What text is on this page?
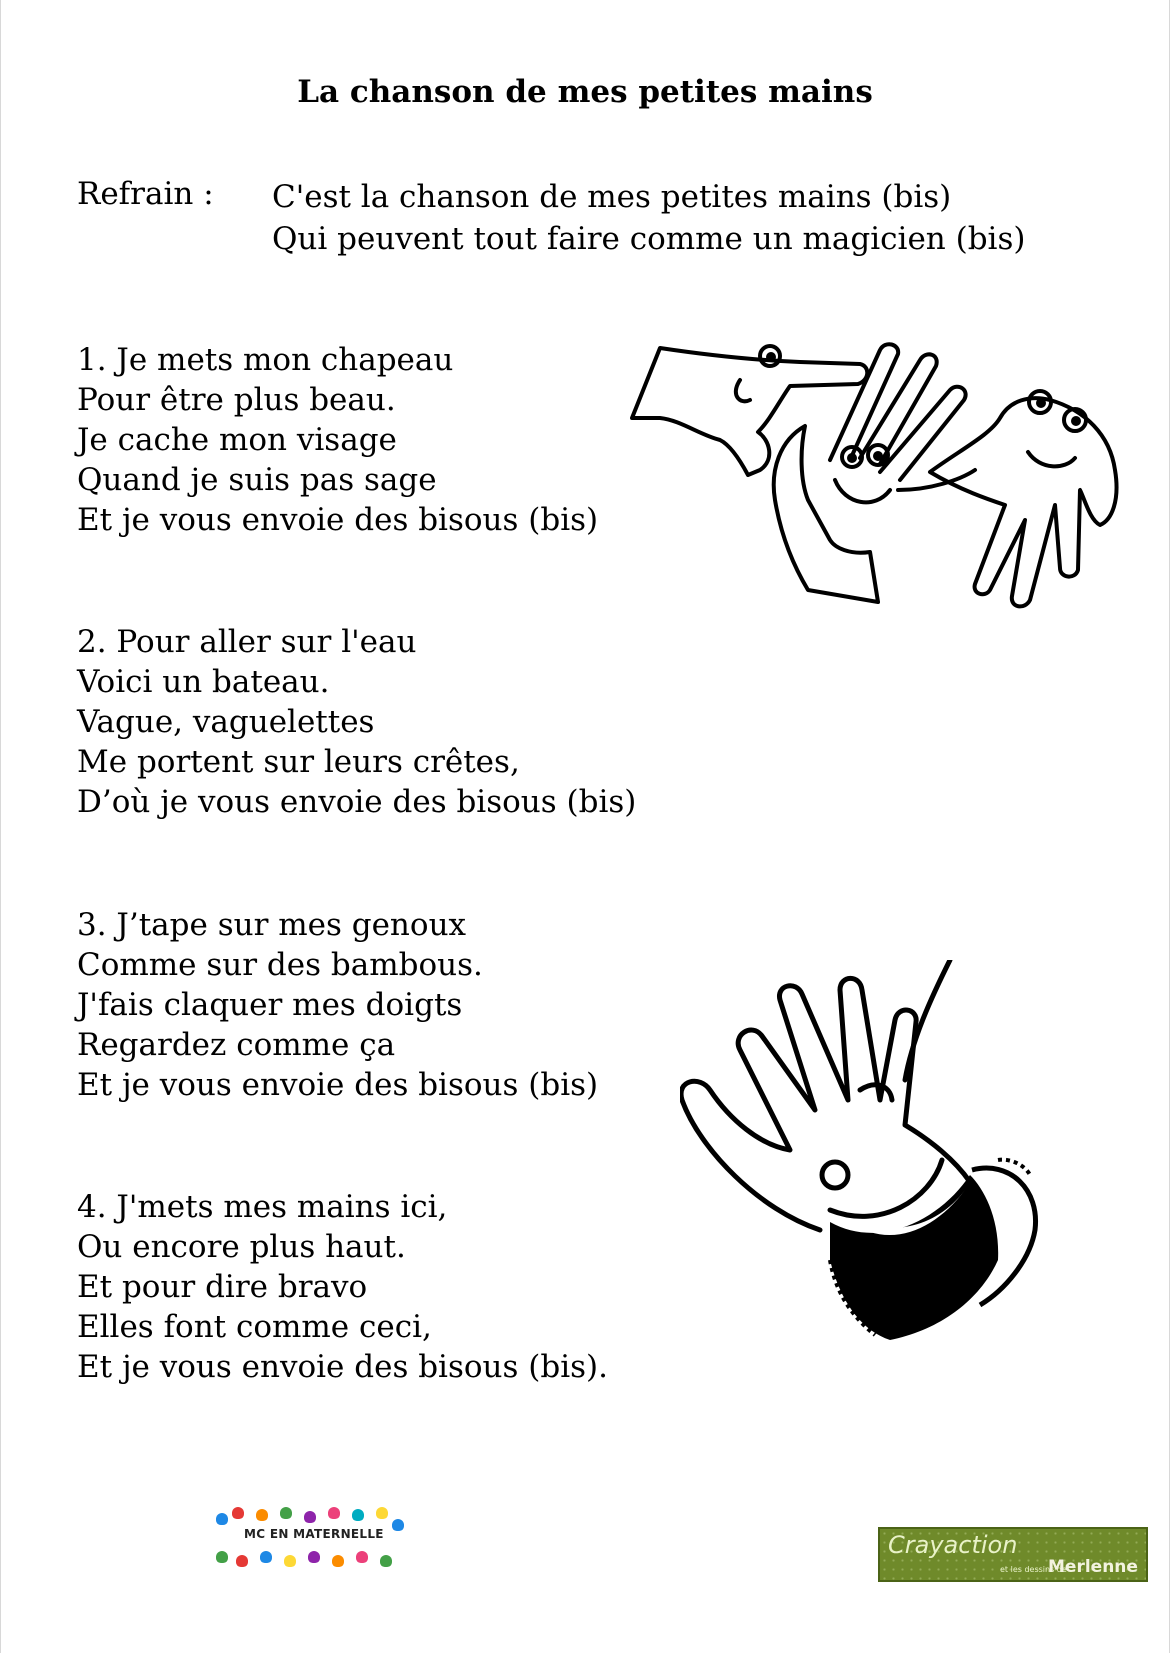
La chanson de mes petites mains
Refrain : C'est la chanson de mes petites mains (bis)
Qui peuvent tout faire comme un magicien (bis)
1. Je mets mon chapeau
Pour être plus beau.
Je cache mon visage
Quand je suis pas sage
Et je vous envoie des bisous (bis)
2. Pour aller sur l'eau
Voici un bateau.
Vague, vaguelettes
Me portent sur leurs crêtes,
D’où je vous envoie des bisous (bis)
3. J’tape sur mes genoux
Comme sur des bambous.
J'fais claquer mes doigts
Regardez comme ça
Et je vous envoie des bisous (bis)
4. J'mets mes mains ici,
Ou encore plus haut.
Et pour dire bravo
Elles font comme ceci,
Et je vous envoie des bisous (bis).
MC EN MATERNELLE	Crayaction
et les dessins de
Merlenne
